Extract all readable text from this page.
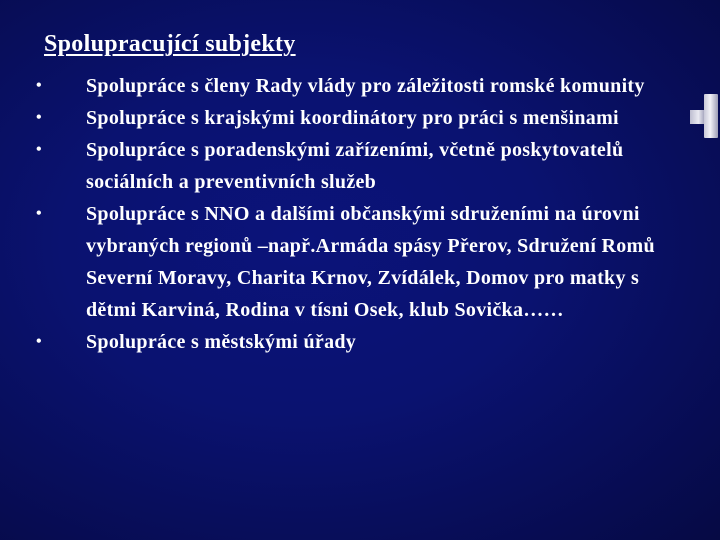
Spolupracující subjekty
• Spolupráce s členy Rady vlády pro záležitosti romské komunity
• Spolupráce s krajskými koordinátory pro práci s menšinami
• Spolupráce s poradenskými zařízeními, včetně poskytovatelů sociálních a preventivních služeb
• Spolupráce s NNO a dalšími občanskými sdruženími na úrovni vybraných regionů –např.Armáda spásy Přerov, Sdružení Romů Severní Moravy, Charita Krnov, Zvídálek, Domov pro matky s dětmi Karviná, Rodina v tísni Osek, klub Sovička……
• Spolupráce s městskými úřady
